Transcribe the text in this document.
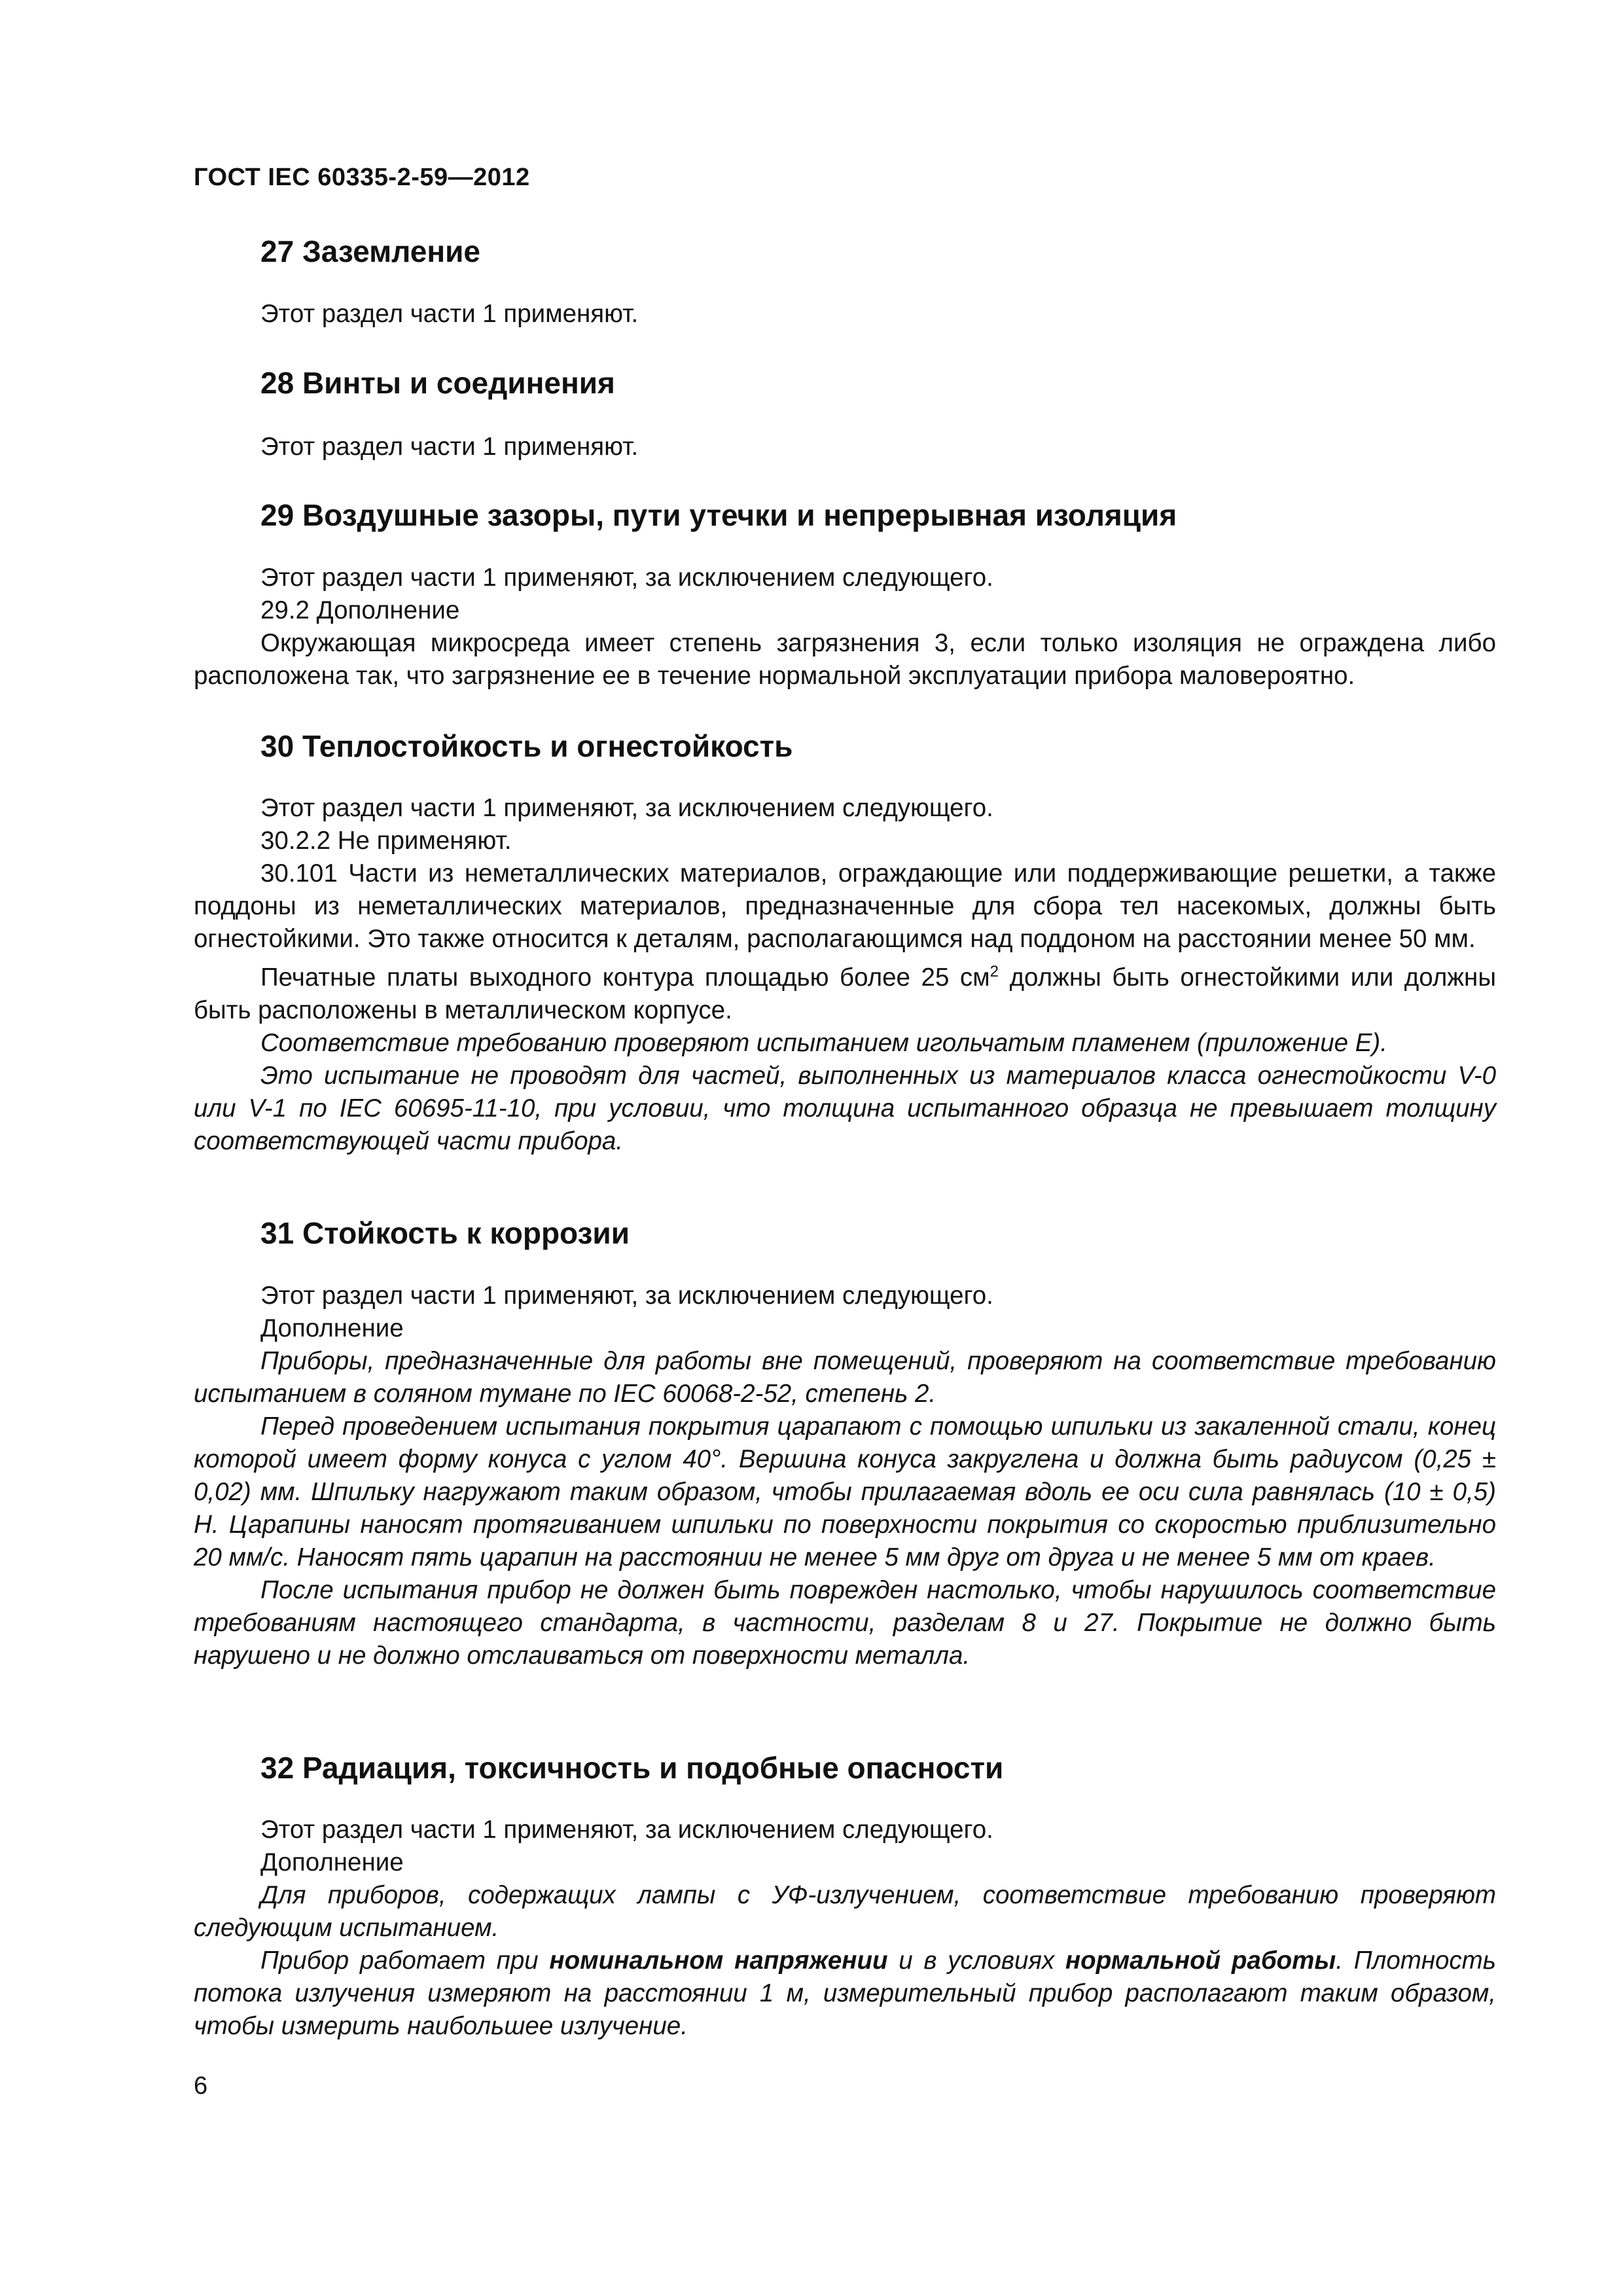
ГОСТ IEC 60335-2-59—2012
27 Заземление

Этот раздел части 1 применяют.

28 Винты и соединения

Этот раздел части 1 применяют.

29 Воздушные зазоры, пути утечки и непрерывная изоляция

Этот раздел части 1 применяют, за исключением следующего.

29.2 Дополнение

Окружающая микросреда имеет степень загрязнения 3, если только изоляция не ограждена либо расположена так, что загрязнение ее в течение нормальной эксплуатации прибора маловероятно.

30 Теплостойкость и огнестойкость

Этот раздел части 1 применяют, за исключением следующего.

30.2.2 Не применяют.

30.101 Части из неметаллических материалов, ограждающие или поддерживающие решетки, а также поддоны из неметаллических материалов, предназначенные для сбора тел насекомых, должны быть огнестойкими. Это также относится к деталям, располагающимся над поддоном на расстоянии менее 50 мм.

Печатные платы выходного контура площадью более 25 $см^2$ должны быть огнестойкими или должны быть расположены в металлическом корпусе.

Соответствие требованию проверяют испытанием игольчатым пламенем (приложение Е).

Это испытание не проводят для частей, выполненных из материалов класса огнестойкости V-0 или V-1 по IEC 60695-11-10, при условии, что толщина испытанного образца не превышает толщину соответствующей части прибора.

31 Стойкость к коррозии

Этот раздел части 1 применяют, за исключением следующего.

Дополнение

Приборы, предназначенные для работы вне помещений, проверяют на соответствие требованию испытанием в соляном тумане по IEC 60068-2-52, степень 2.

Перед проведением испытания покрытия царапают с помощью шпильки из закаленной стали, конец которой имеет форму конуса с углом 40°. Вершина конуса закруглена и должна быть радиусом (0,25 ± 0,02) мм. Шпильку нагружают таким образом, чтобы прилагаемая вдоль ее оси сила равнялась (10 ± 0,5) Н. Царапины наносят протягиванием шпильки по поверхности покрытия со скоростью приблизительно 20 мм/с. Наносят пять царапин на расстоянии не менее 5 мм друг от друга и не менее 5 мм от краев.

После испытания прибор не должен быть поврежден настолько, чтобы нарушилось соответствие требованиям настоящего стандарта, в частности, разделам 8 и 27. Покрытие не должно быть нарушено и не должно отслаиваться от поверхности металла.

32 Радиация, токсичность и подобные опасности

Этот раздел части 1 применяют, за исключением следующего.

Дополнение

Для приборов, содержащих лампы с УФ-излучением, соответствие требованию проверяют следующим испытанием.

Прибор работает при номинальном напряжении и в условиях нормальной работы. Плотность потока излучения измеряют на расстоянии 1 м, измерительный прибор располагают таким образом, чтобы измерить наибольшее излучение.

6
